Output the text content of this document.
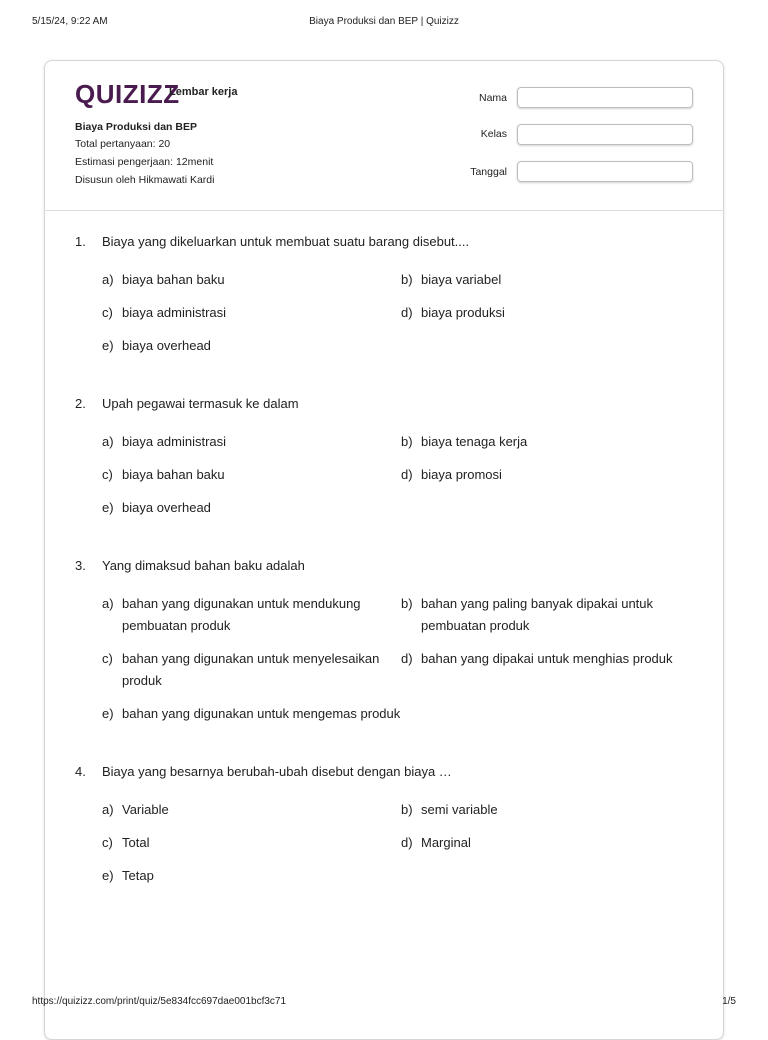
5/15/24, 9:22 AM	Biaya Produksi dan BEP | Quizizz
QUIZIZZ
Lembar kerja
Biaya Produksi dan BEP
Total pertanyaan: 20
Estimasi pengerjaan: 12menit
Disusun oleh Hikmawati Kardi
Nama
Kelas
Tanggal
1.	Biaya yang dikeluarkan untuk membuat suatu barang disebut....
a) biaya bahan baku	b) biaya variabel
c) biaya administrasi	d) biaya produksi
e) biaya overhead
2.	Upah pegawai termasuk ke dalam
a) biaya administrasi	b) biaya tenaga kerja
c) biaya bahan baku	d) biaya promosi
e) biaya overhead
3.	Yang dimaksud bahan baku adalah
a) bahan yang digunakan untuk mendukung pembuatan produk
b) bahan yang paling banyak dipakai untuk pembuatan produk
c) bahan yang digunakan untuk menyelesaikan produk
d) bahan yang dipakai untuk menghias produk
e) bahan yang digunakan untuk mengemas produk
4.	Biaya yang besarnya berubah-ubah disebut dengan biaya …
a) Variable	b) semi variable
c) Total	d) Marginal
e) Tetap
https://quizizz.com/print/quiz/5e834fcc697dae001bcf3c71	1/5
